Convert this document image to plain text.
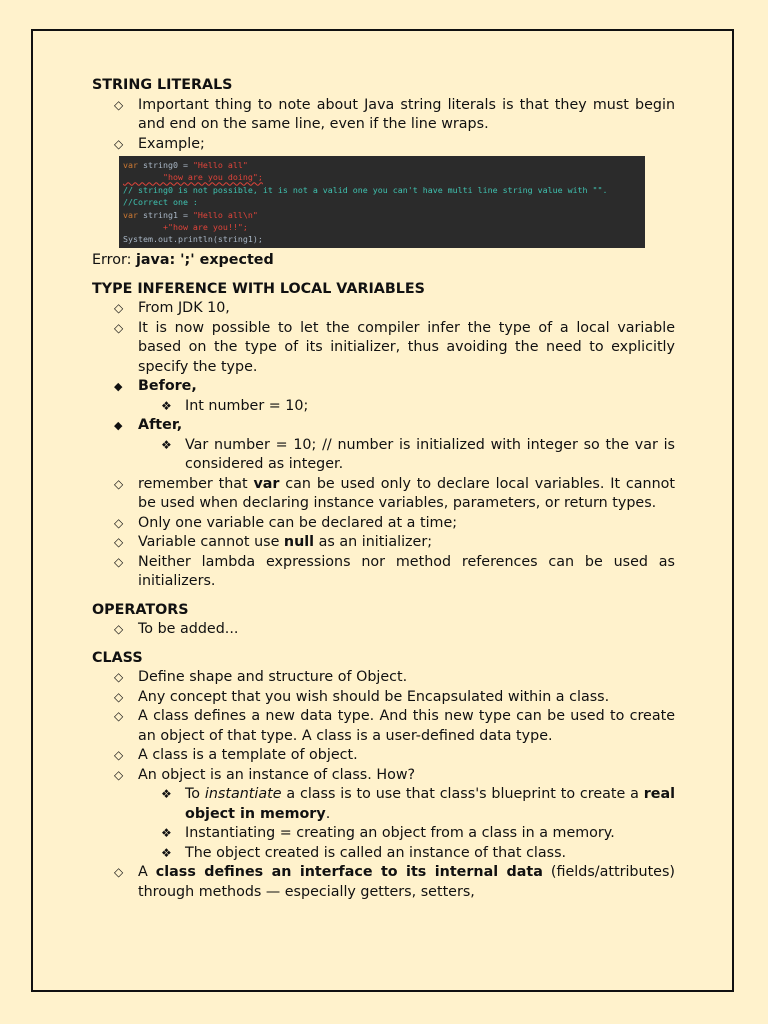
STRING LITERALS
◇ Important thing to note about Java string literals is that they must begin and end on the same line, even if the line wraps.
◇ Example;
var string0 = "Hello all"
"how are you doing";
// string0 is not possible, it is not a valid one you can't have multi line string value with "".
//Correct one :
var string1 = "Hello all\n"
+"how are you!!";
System.out.println(string1);
Error: java: ';' expected
TYPE INFERENCE WITH LOCAL VARIABLES
◇ From JDK 10,
◇ It is now possible to let the compiler infer the type of a local variable based on the type of its initializer, thus avoiding the need to explicitly specify the type.
◆ Before,
❖ Int number = 10;
◆ After,
❖ Var number = 10; // number is initialized with integer so the var is considered as integer.
◇ remember that var can be used only to declare local variables. It cannot be used when declaring instance variables, parameters, or return types.
◇ Only one variable can be declared at a time;
◇ Variable cannot use null as an initializer;
◇ Neither lambda expressions nor method references can be used as initializers.
OPERATORS
◇ To be added...
CLASS
◇ Define shape and structure of Object.
◇ Any concept that you wish should be Encapsulated within a class.
◇ A class defines a new data type. And this new type can be used to create an object of that type. A class is a user-defined data type.
◇ A class is a template of object.
◇ An object is an instance of class. How?
❖ To instantiate a class is to use that class's blueprint to create a real object in memory.
❖ Instantiating = creating an object from a class in a memory.
❖ The object created is called an instance of that class.
◇ A class defines an interface to its internal data (fields/attributes) through methods — especially getters, setters,
